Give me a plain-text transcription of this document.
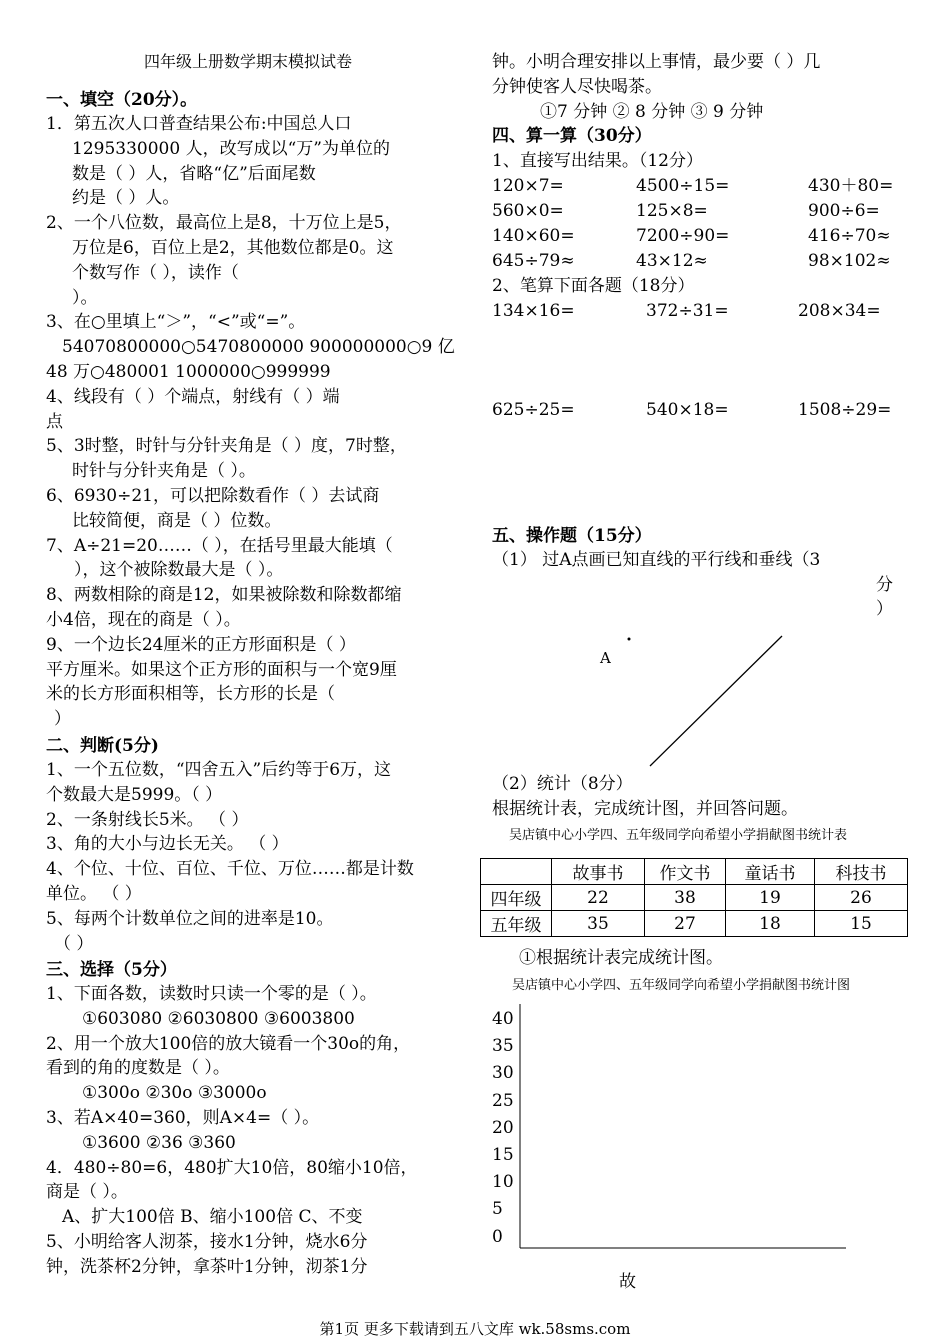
四年级上册数学期末模拟试卷
一、填空（20分）。
1．第五次人口普查结果公布:中国总人口
1295330000 人，改写成以“万”为单位的
数是（ ）人，省略“亿”后面尾数
约是（ ）人。
2、一个八位数，最高位上是8，十万位上是5，
万位是6，百位上是2，其他数位都是0。这
个数写作（ ），读作（
）。
3、在○里填上“＞”，“<”或“=”。
54070800000○5470800000 900000000○9 亿
48 万○480001 1000000○999999
4、线段有（ ）个端点，射线有（ ）端
点
5、3时整，时针与分针夹角是（ ）度，7时整，
时针与分针夹角是（ ）。
6、6930÷21，可以把除数看作（ ）去试商
比较简便，商是（ ）位数。
7、A÷21=20……（ ），在括号里最大能填（
），这个被除数最大是（ ）。
8、两数相除的商是12，如果被除数和除数都缩
小4倍，现在的商是（ ）。
9、一个边长24厘米的正方形面积是（ ）
平方厘米。如果这个正方形的面积与一个宽9厘
米的长方形面积相等，长方形的长是（
）
二、判断(5分)
1、一个五位数，“四舍五入”后约等于6万，这
个数最大是5999。（ ）
2、一条射线长5米。 （ ）
3、角的大小与边长无关。 （ ）
4、个位、十位、百位、千位、万位……都是计数
单位。 （ ）
5、每两个计数单位之间的进率是10。
（ ）
三、选择（5分）
1、下面各数，读数时只读一个零的是（ ）。
①603080 ②6030800 ③6003800
2、用一个放大100倍的放大镜看一个30o的角，
看到的角的度数是（ ）。
①300o ②30o ③3000o
3、若A×40=360，则A×4=（ ）。
①3600 ②36 ③360
4．480÷80=6，480扩大10倍，80缩小10倍，
商是（ ）。
A、扩大100倍 B、缩小100倍 C、不变
5、小明给客人沏茶，接水1分钟，烧水6分
钟，洗茶杯2分钟，拿茶叶1分钟，沏茶1分
钟。小明合理安排以上事情，最少要（ ）几
分钟使客人尽快喝茶。
①7 分钟 ② 8 分钟 ③ 9 分钟
四、算一算（30分）
1、直接写出结果。（12分）
120×7=	4500÷15=	430＋80=
560×0=	125×8=	900÷6=
140×60=	7200÷90=	416÷70≈
645÷79≈	43×12≈	98×102≈
2、笔算下面各题（18分）
134×16=	372÷31=	208×34=
625÷25=	540×18=	1508÷29=
五、操作题（15分）
（1） 过A点画已知直线的平行线和垂线（3
分
）
A
（2）统计（8分）
根据统计表，完成统计图，并回答问题。
吴店镇中心小学四、五年级同学向希望小学捐献图书统计表
	故事书	作文书	童话书	科技书
四年级	22	38	19	26
五年级	35	27	18	15
①根据统计表完成统计图。
吴店镇中心小学四、五年级同学向希望小学捐献图书统计图
40
35
30
25
20
15
10
5
0
故
第1页 更多下载请到五八文库 wk.58sms.com
